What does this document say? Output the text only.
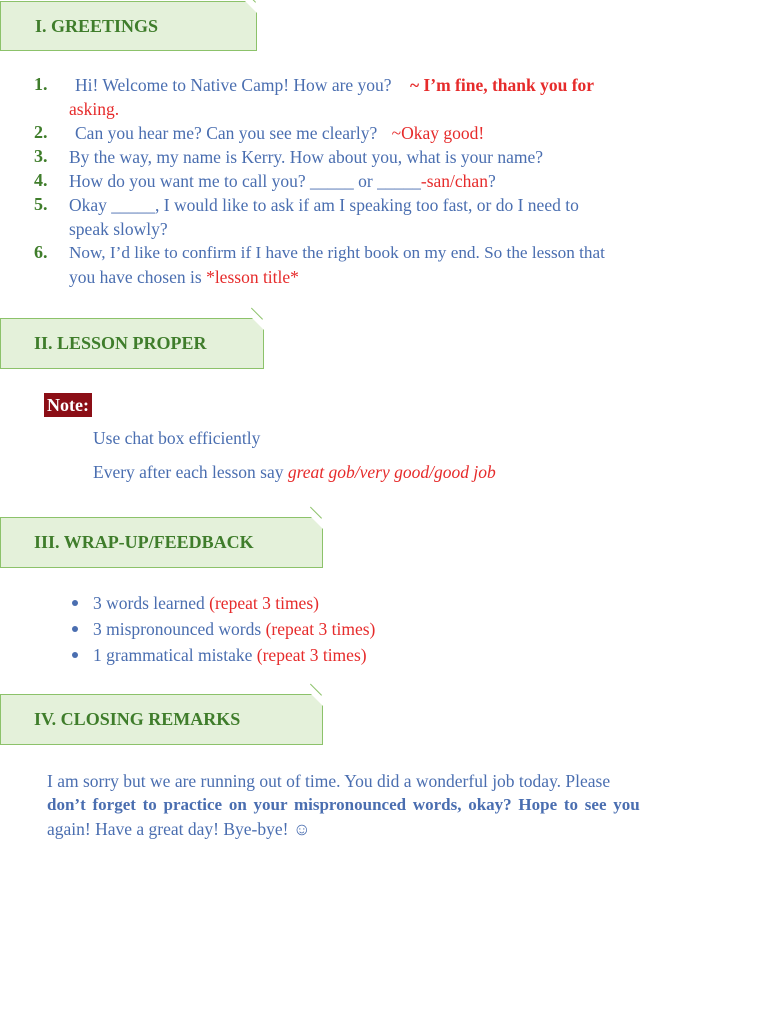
I. GREETINGS
1. Hi! Welcome to Native Camp! How are you? ~ I’m fine, thank you for
asking.
2. Can you hear me? Can you see me clearly? ~Okay good!
3. By the way, my name is Kerry. How about you, what is your name?
4. How do you want me to call you? _____ or _____-san/chan?
5. Okay _____, I would like to ask if am I speaking too fast, or do I need to
speak slowly?
6. Now, I’d like to confirm if I have the right book on my end. So the lesson that
you have chosen is *lesson title*
II. LESSON PROPER
Note:
Use chat box efficiently
Every after each lesson say great gob/very good/good job
III. WRAP-UP/FEEDBACK
3 words learned (repeat 3 times)
3 mispronounced words (repeat 3 times)
1 grammatical mistake (repeat 3 times)
IV. CLOSING REMARKS
I am sorry but we are running out of time. You did a wonderful job today. Please
don’t forget to practice on your mispronounced words, okay? Hope to see you
again! Have a great day! Bye-bye! ☺
